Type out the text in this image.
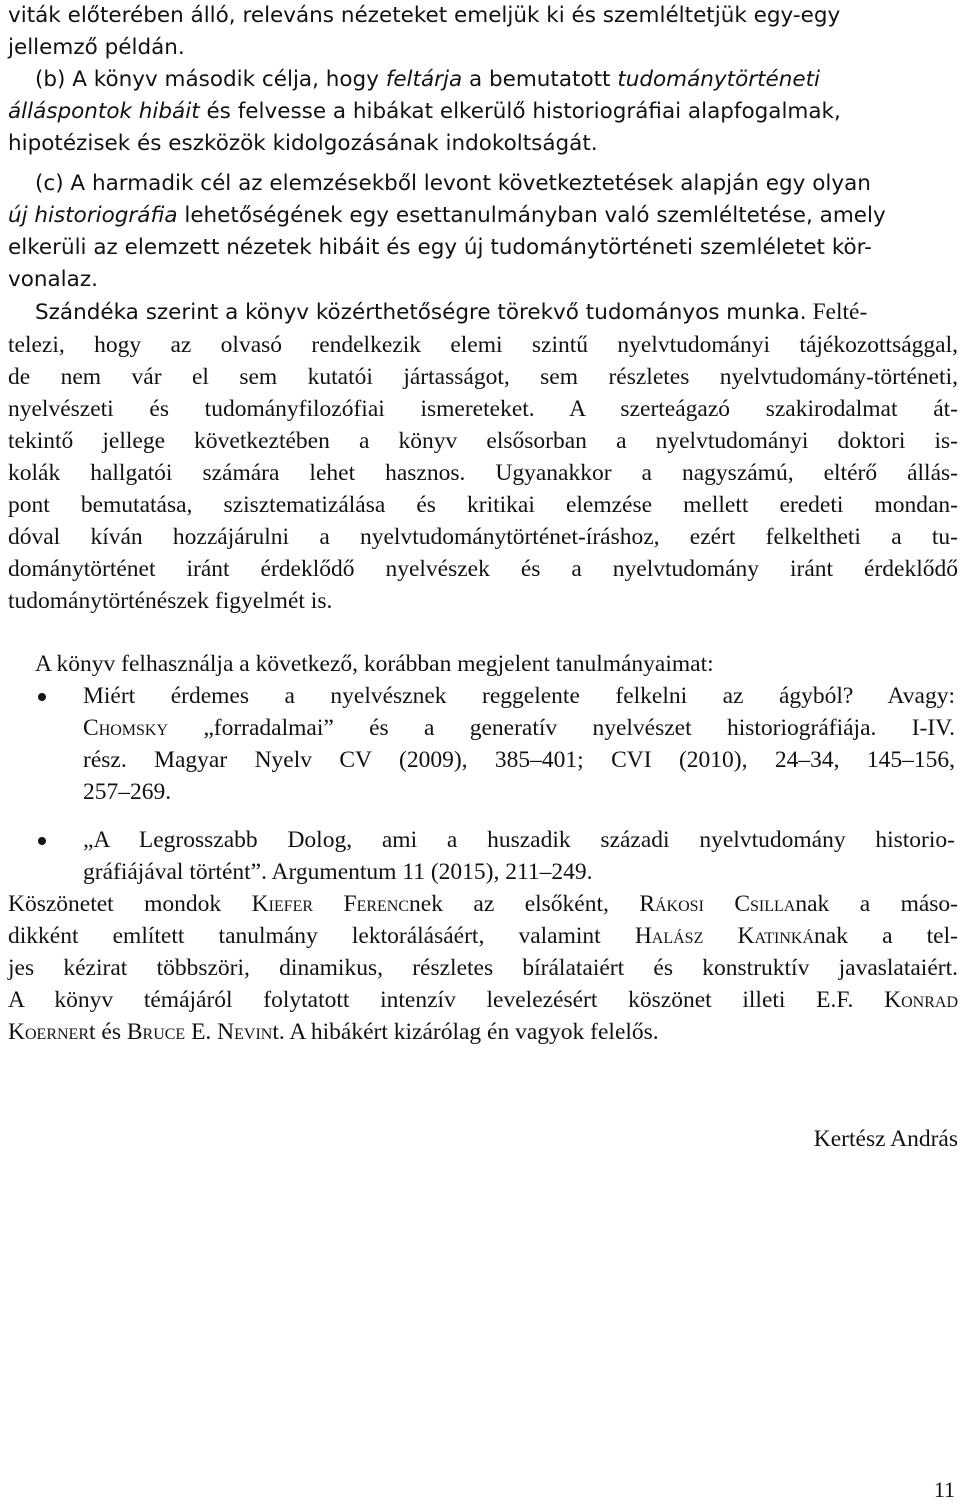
viták előterében álló, releváns nézeteket emeljük ki és szemléltetjük egy-egy
jellemző példán.

(b) A könyv második célja, hogy feltárja a bemutatott tudománytörténeti
álláspontok hibáit és felvesse a hibákat elkerülő historiográfiai alapfogalmak,
hipotézisek és eszközök kidolgozásának indokoltságát.

(c) A harmadik cél az elemzésekből levont következtetések alapján egy olyan
új historiográfia lehetőségének egy esettanulmányban való szemléltetése, amely
elkerüli az elemzett nézetek hibáit és egy új tudománytörténeti szemléletet kör-
vonalaz.

Szándéka szerint a könyv közérthetőségre törekvő tudományos munka. Felté-
telezi, hogy az olvasó rendelkezik elemi szintű nyelvtudományi tájékozottsággal,
de nem vár el sem kutatói jártasságot, sem részletes nyelvtudomány-történeti,
nyelvészeti és tudományfilozófiai ismereteket. A szerteágazó szakirodalmat át-
tekintő jellege következtében a könyv elsősorban a nyelvtudományi doktori is-
kolák hallgatói számára lehet hasznos. Ugyanakkor a nagyszámú, eltérő állás-
pont bemutatása, szisztematizálása és kritikai elemzése mellett eredeti mondan-
dóval kíván hozzájárulni a nyelvtudománytörténet-íráshoz, ezért felkeltheti a tu-
dománytörténet iránt érdeklődő nyelvészek és a nyelvtudomány iránt érdeklődő
tudománytörténészek figyelmét is.

A könyv felhasználja a következő, korábban megjelent tanulmányaimat:

Miért érdemes a nyelvésznek reggelente felkelni az ágyból? Avagy:
Chomsky „forradalmai” és a generatív nyelvészet historiográfiája. I-IV.
rész. Magyar Nyelv CV (2009), 385–401; CVI (2010), 24–34, 145–156,
257–269.
„A Legrosszabb Dolog, ami a huszadik századi nyelvtudomány historio-
gráfiájával történt”. Argumentum 11 (2015), 211–249.
Köszönetet mondok Kiefer Ferencnek az elsőként, Rákosi Csillanak a máso-
dikként említett tanulmány lektorálásáért, valamint Halász Katinkának a tel-
jes kézirat többszöri, dinamikus, részletes bírálataiért és konstruktív javaslataiért.
A könyv témájáról folytatott intenzív levelezésért köszönet illeti E.F. Konrad
Koernert és Bruce E. Nevint. A hibákért kizárólag én vagyok felelős.
Kertész András
11
